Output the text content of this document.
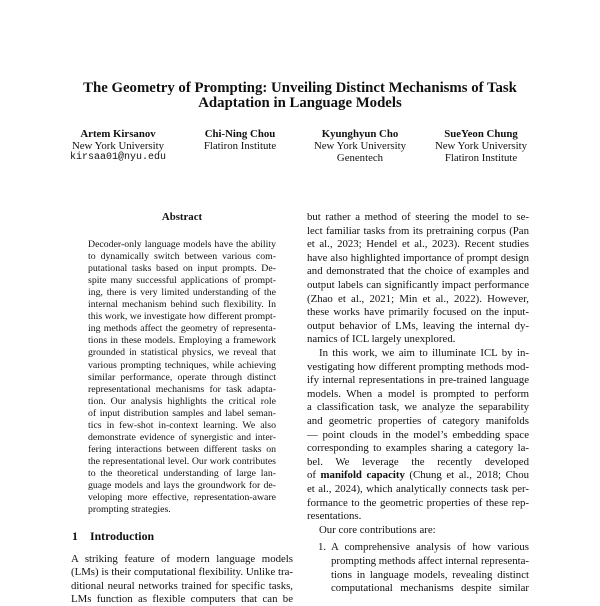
The Geometry of Prompting: Unveiling Distinct Mechanisms of Task
Adaptation in Language Models
Artem Kirsanov
New York University
kirsaa01@nyu.edu
Chi-Ning Chou
Flatiron Institute
Kyunghyun Cho
New York University
Genentech
SueYeon Chung
New York University
Flatiron Institute
Abstract
Decoder-only language models have the ability
to dynamically switch between various com-
putational tasks based on input prompts. De-
spite many successful applications of prompt-
ing, there is very limited understanding of the
internal mechanism behind such flexibility. In
this work, we investigate how different prompt-
ing methods affect the geometry of representa-
tions in these models. Employing a framework
grounded in statistical physics, we reveal that
various prompting techniques, while achieving
similar performance, operate through distinct
representational mechanisms for task adapta-
tion. Our analysis highlights the critical role
of input distribution samples and label seman-
tics in few-shot in-context learning. We also
demonstrate evidence of synergistic and inter-
fering interactions between different tasks on
the representational level. Our work contributes
to the theoretical understanding of large lan-
guage models and lays the groundwork for de-
veloping more effective, representation-aware
prompting strategies.
1 Introduction
A striking feature of modern language models
(LMs) is their computational flexibility. Unlike tra-
ditional neural networks trained for specific tasks,
LMs function as flexible computers that can be
but rather a method of steering the model to se-
lect familiar tasks from its pretraining corpus (Pan
et al., 2023; Hendel et al., 2023). Recent studies
have also highlighted importance of prompt design
and demonstrated that the choice of examples and
output labels can significantly impact performance
(Zhao et al., 2021; Min et al., 2022). However,
these works have primarily focused on the input-
output behavior of LMs, leaving the internal dy-
namics of ICL largely unexplored.
In this work, we aim to illuminate ICL by in-
vestigating how different prompting methods mod-
ify internal representations in pre-trained language
models. When a model is prompted to perform
a classification task, we analyze the separability
and geometric properties of category manifolds
— point clouds in the model’s embedding space
corresponding to examples sharing a category la-
bel. We leverage the recently developed
of manifold capacity (Chung et al., 2018; Chou
et al., 2024), which analytically connects task per-
formance to the geometric properties of these rep-
resentations.
Our core contributions are:
1. A comprehensive analysis of how various
prompting methods affect internal representa-
tions in language models, revealing distinct
computational mechanisms despite similar
